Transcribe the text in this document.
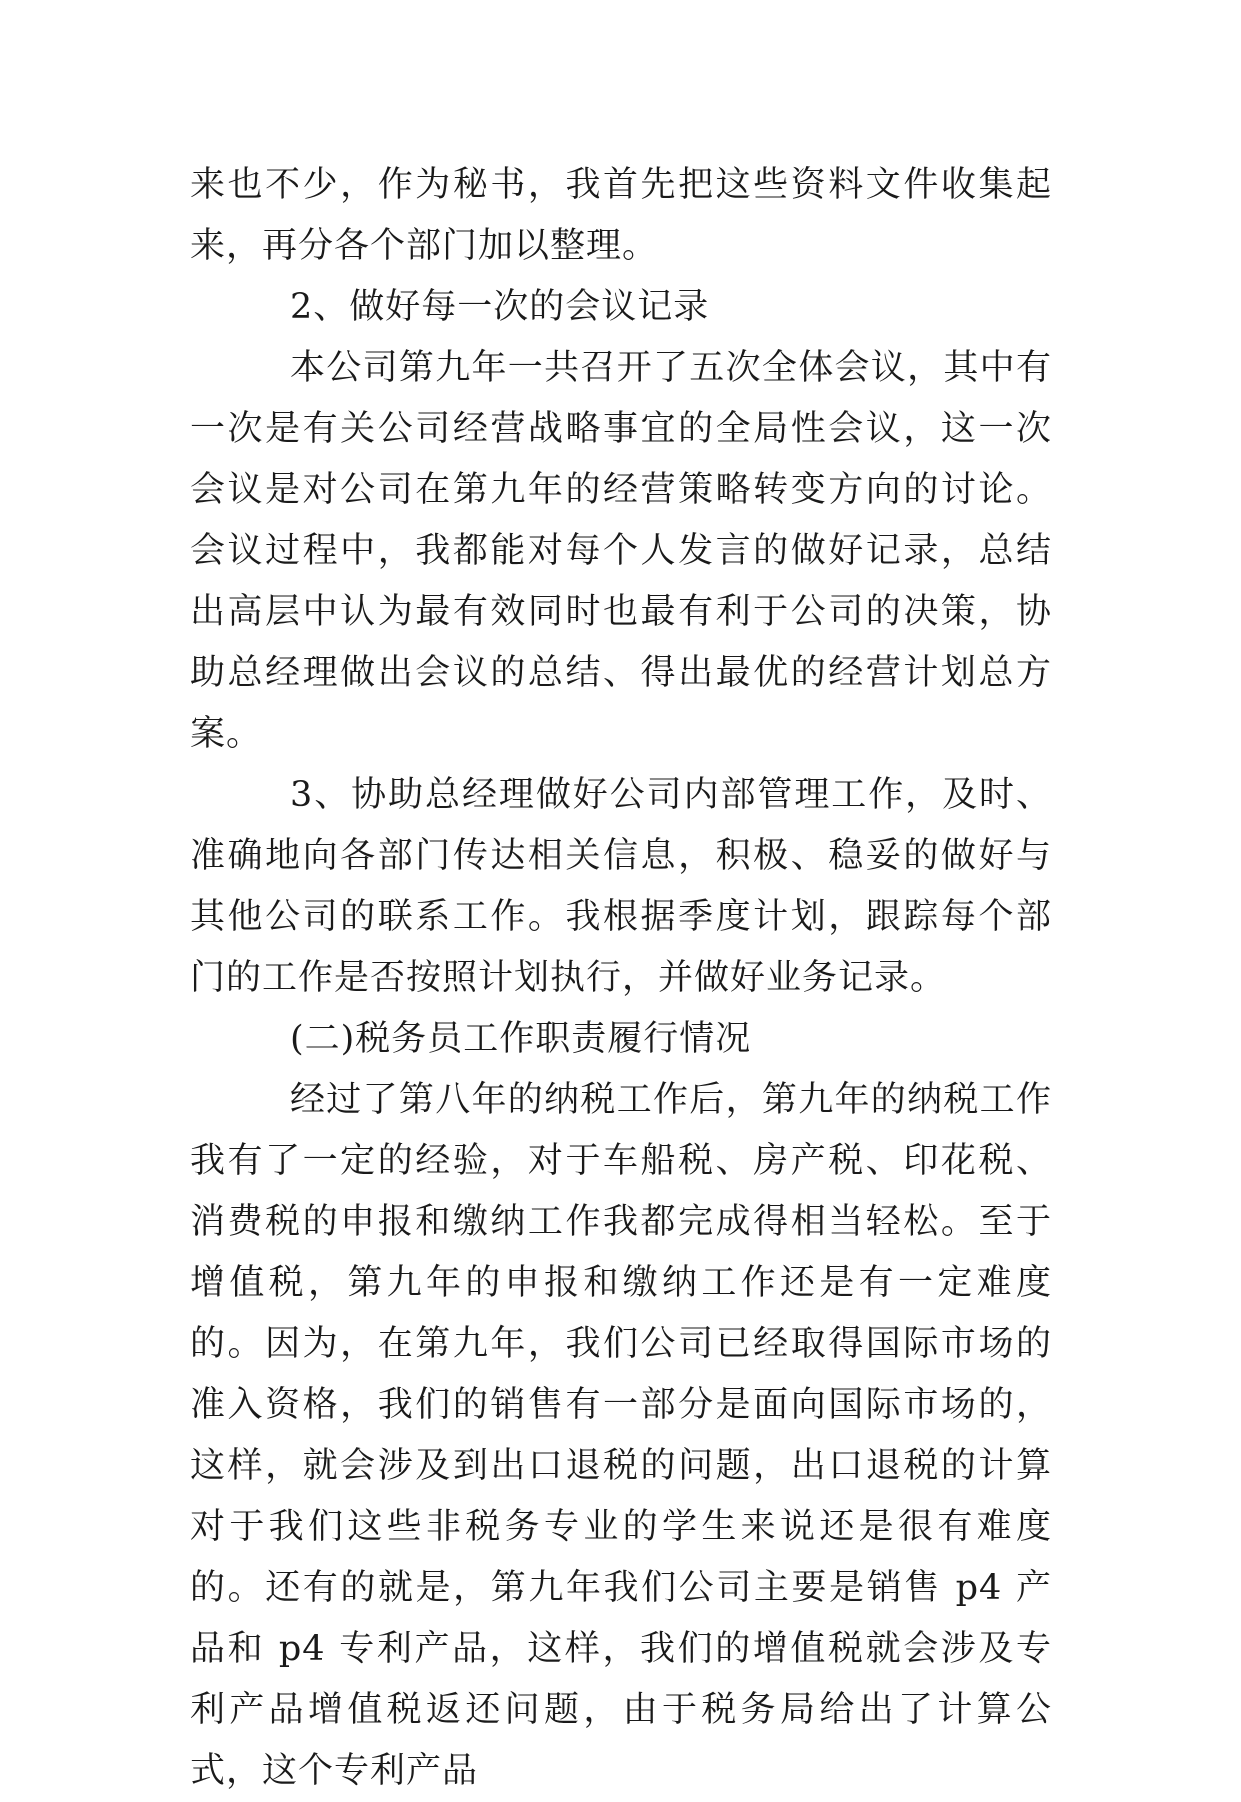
来也不少，作为秘书，我首先把这些资料文件收集起来，再分各个部门加以整理。

2、做好每一次的会议记录

本公司第九年一共召开了五次全体会议，其中有一次是有关公司经营战略事宜的全局性会议，这一次会议是对公司在第九年的经营策略转变方向的讨论。会议过程中，我都能对每个人发言的做好记录，总结出高层中认为最有效同时也最有利于公司的决策，协助总经理做出会议的总结、得出最优的经营计划总方案。

3、协助总经理做好公司内部管理工作，及时、准确地向各部门传达相关信息，积极、稳妥的做好与其他公司的联系工作。我根据季度计划，跟踪每个部门的工作是否按照计划执行，并做好业务记录。

(二)税务员工作职责履行情况

经过了第八年的纳税工作后，第九年的纳税工作我有了一定的经验，对于车船税、房产税、印花税、消费税的申报和缴纳工作我都完成得相当轻松。至于增值税，第九年的申报和缴纳工作还是有一定难度的。因为，在第九年，我们公司已经取得国际市场的准入资格，我们的销售有一部分是面向国际市场的，这样，就会涉及到出口退税的问题，出口退税的计算对于我们这些非税务专业的学生来说还是很有难度的。还有的就是，第九年我们公司主要是销售 p4 产品和 p4 专利产品，这样，我们的增值税就会涉及专利产品增值税返还问题，由于税务局给出了计算公式，这个专利产品
